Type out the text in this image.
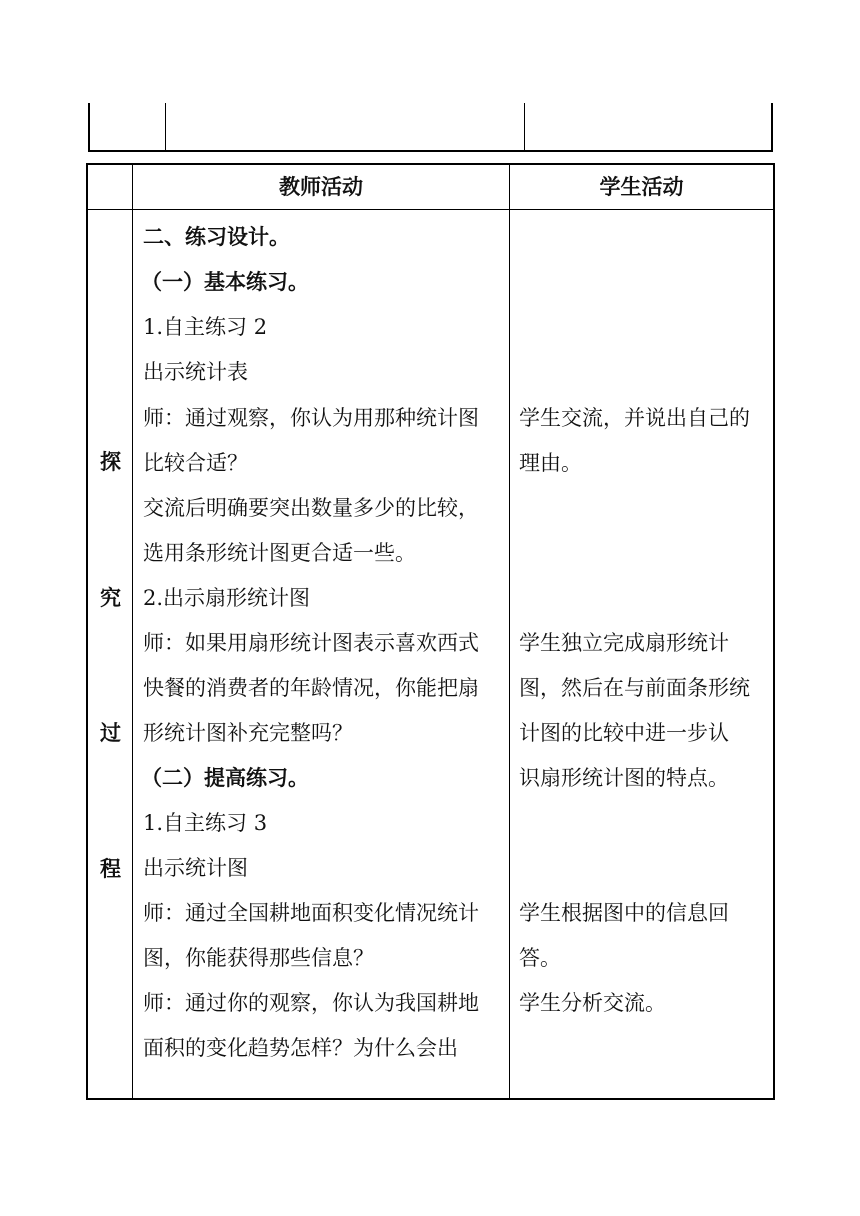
教师活动	学生活动
探
究
过
程
二、练习设计。
（一）基本练习。
1.自主练习 2
出示统计表
师：通过观察，你认为用那种统计图
比较合适？
交流后明确要突出数量多少的比较，
选用条形统计图更合适一些。
2.出示扇形统计图
师：如果用扇形统计图表示喜欢西式
快餐的消费者的年龄情况，你能把扇
形统计图补充完整吗？
（二）提高练习。
1.自主练习 3
出示统计图
师：通过全国耕地面积变化情况统计
图，你能获得那些信息？
师：通过你的观察，你认为我国耕地
面积的变化趋势怎样？为什么会出
学生交流，并说出自己的
理由。
学生独立完成扇形统计
图，然后在与前面条形统
计图的比较中进一步认
识扇形统计图的特点。
学生根据图中的信息回
答。
学生分析交流。
